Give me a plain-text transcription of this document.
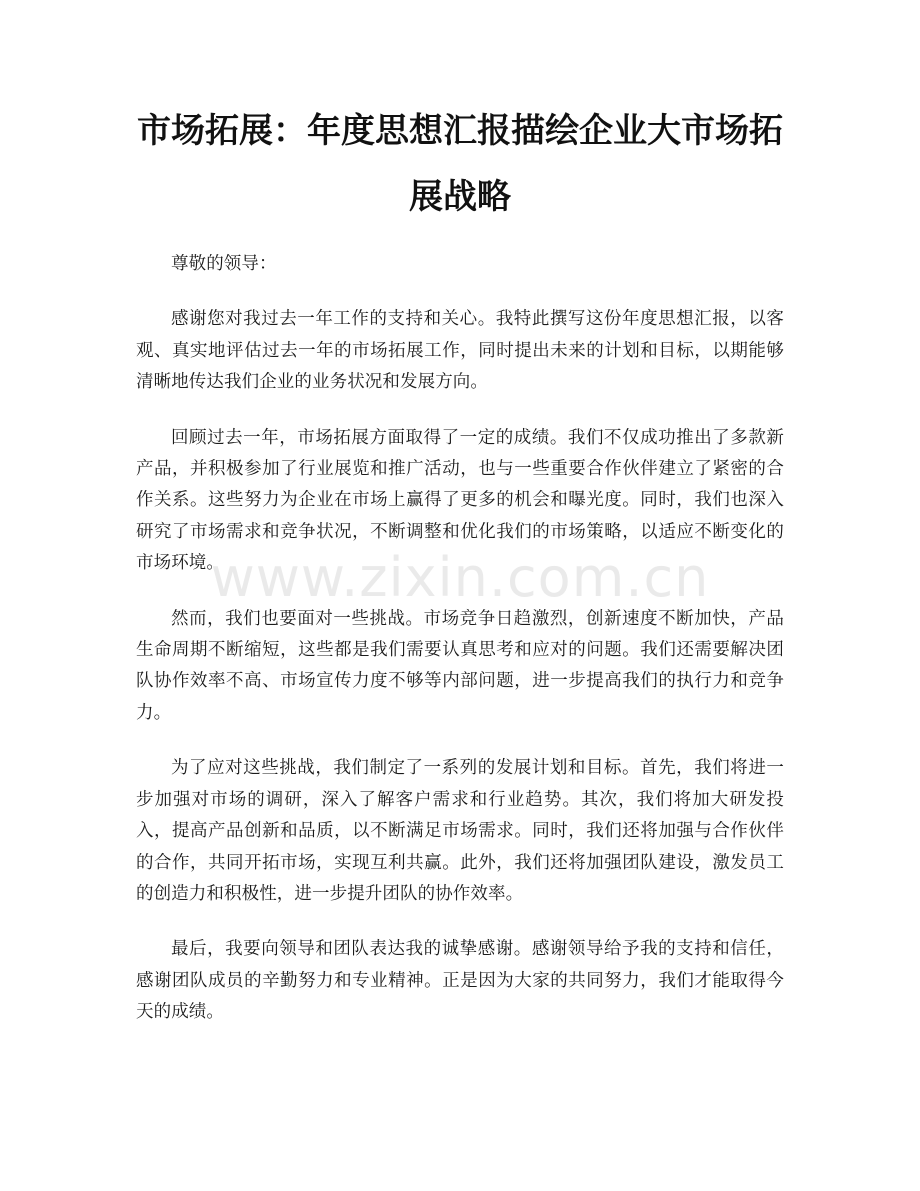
市场拓展：年度思想汇报描绘企业大市场拓展战略

尊敬的领导：

感谢您对我过去一年工作的支持和关心。我特此撰写这份年度思想汇报，以客观、真实地评估过去一年的市场拓展工作，同时提出未来的计划和目标，以期能够清晰地传达我们企业的业务状况和发展方向。

回顾过去一年，市场拓展方面取得了一定的成绩。我们不仅成功推出了多款新产品，并积极参加了行业展览和推广活动，也与一些重要合作伙伴建立了紧密的合作关系。这些努力为企业在市场上赢得了更多的机会和曝光度。同时，我们也深入研究了市场需求和竞争状况，不断调整和优化我们的市场策略，以适应不断变化的市场环境。

然而，我们也要面对一些挑战。市场竞争日趋激烈，创新速度不断加快，产品生命周期不断缩短，这些都是我们需要认真思考和应对的问题。我们还需要解决团队协作效率不高、市场宣传力度不够等内部问题，进一步提高我们的执行力和竞争力。

为了应对这些挑战，我们制定了一系列的发展计划和目标。首先，我们将进一步加强对市场的调研，深入了解客户需求和行业趋势。其次，我们将加大研发投入，提高产品创新和品质，以不断满足市场需求。同时，我们还将加强与合作伙伴的合作，共同开拓市场，实现互利共赢。此外，我们还将加强团队建设，激发员工的创造力和积极性，进一步提升团队的协作效率。

最后，我要向领导和团队表达我的诚挚感谢。感谢领导给予我的支持和信任，感谢团队成员的辛勤努力和专业精神。正是因为大家的共同努力，我们才能取得今天的成绩。

www.zixin.com.cn
